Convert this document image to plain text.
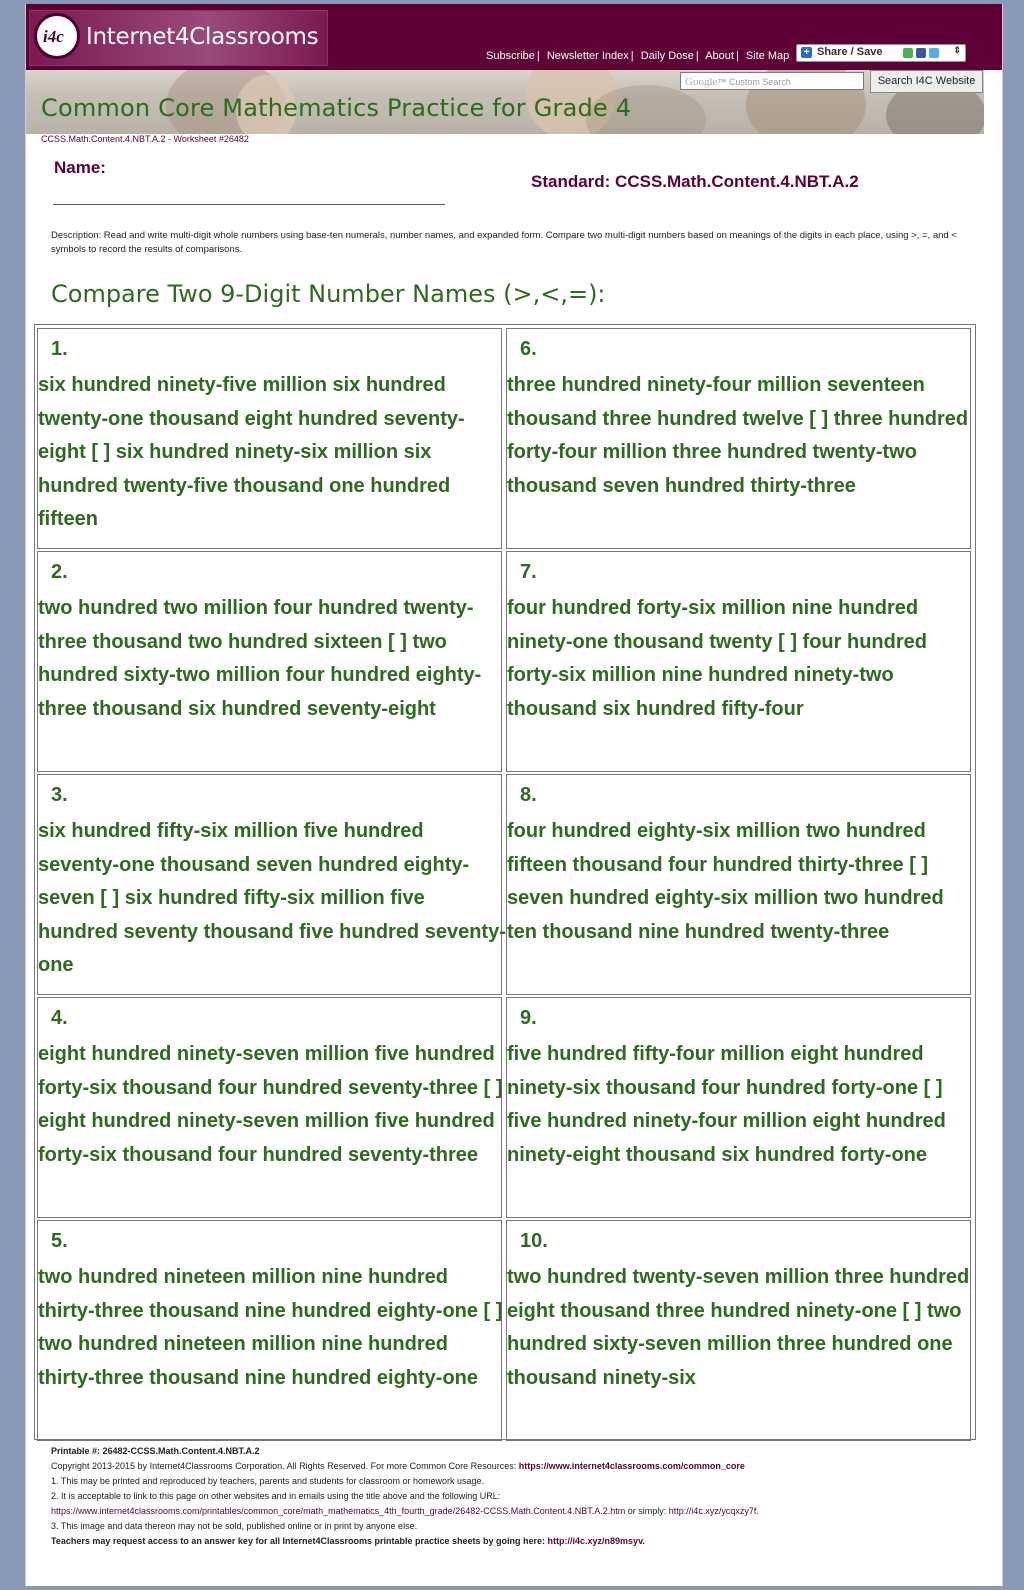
i4c Internet4Classrooms
Subscribe | Newsletter Index | Daily Dose | About | Site Map + Share / Save	⇕
Google™ Custom Search	Search I4C Website
Common Core Mathematics Practice for Grade 4
CCSS.Math.Content.4.NBT.A.2 - Worksheet #26482
Name:
Standard: CCSS.Math.Content.4.NBT.A.2
Description: Read and write multi-digit whole numbers using base-ten numerals, number names, and expanded form. Compare two multi-digit numbers based on meanings of the digits in each place, using >, =, and < symbols to record the results of comparisons.
Compare Two 9-Digit Number Names (>,<,=):
1.
six hundred ninety-five million six hundred twenty-one thousand eight hundred seventy-eight [ ] six hundred ninety-six million six hundred twenty-five thousand one hundred fifteen
6.
three hundred ninety-four million seventeen thousand three hundred twelve [ ] three hundred forty-four million three hundred twenty-two thousand seven hundred thirty-three
2.
two hundred two million four hundred twenty-three thousand two hundred sixteen [ ] two hundred sixty-two million four hundred eighty-three thousand six hundred seventy-eight
7.
four hundred forty-six million nine hundred ninety-one thousand twenty [ ] four hundred forty-six million nine hundred ninety-two thousand six hundred fifty-four
3.
six hundred fifty-six million five hundred seventy-one thousand seven hundred eighty-seven [ ] six hundred fifty-six million five hundred seventy thousand five hundred seventy-one
8.
four hundred eighty-six million two hundred fifteen thousand four hundred thirty-three [ ] seven hundred eighty-six million two hundred ten thousand nine hundred twenty-three
4.
eight hundred ninety-seven million five hundred forty-six thousand four hundred seventy-three [ ] eight hundred ninety-seven million five hundred forty-six thousand four hundred seventy-three
9.
five hundred fifty-four million eight hundred ninety-six thousand four hundred forty-one [ ] five hundred ninety-four million eight hundred ninety-eight thousand six hundred forty-one
5.
two hundred nineteen million nine hundred thirty-three thousand nine hundred eighty-one [ ] two hundred nineteen million nine hundred thirty-three thousand nine hundred eighty-one
10.
two hundred twenty-seven million three hundred eight thousand three hundred ninety-one [ ] two hundred sixty-seven million three hundred one thousand ninety-six
Printable #: 26482-CCSS.Math.Content.4.NBT.A.2
Copyright 2013-2015 by Internet4Classrooms Corporation. All Rights Reserved. For more Common Core Resources: https://www.internet4classrooms.com/common_core
1. This may be printed and reproduced by teachers, parents and students for classroom or homework usage.
2. It is acceptable to link to this page on other websites and in emails using the title above and the following URL:
https://www.internet4classrooms.com/printables/common_core/math_mathematics_4th_fourth_grade/26482-CCSS.Math.Content.4.NBT.A.2.htm or simply: http://i4c.xyz/ycqxzy7f.
3. This image and data thereon may not be sold, published online or in print by anyone else.
Teachers may request access to an answer key for all Internet4Classrooms printable practice sheets by going here: http://i4c.xyz/n89msyv.
